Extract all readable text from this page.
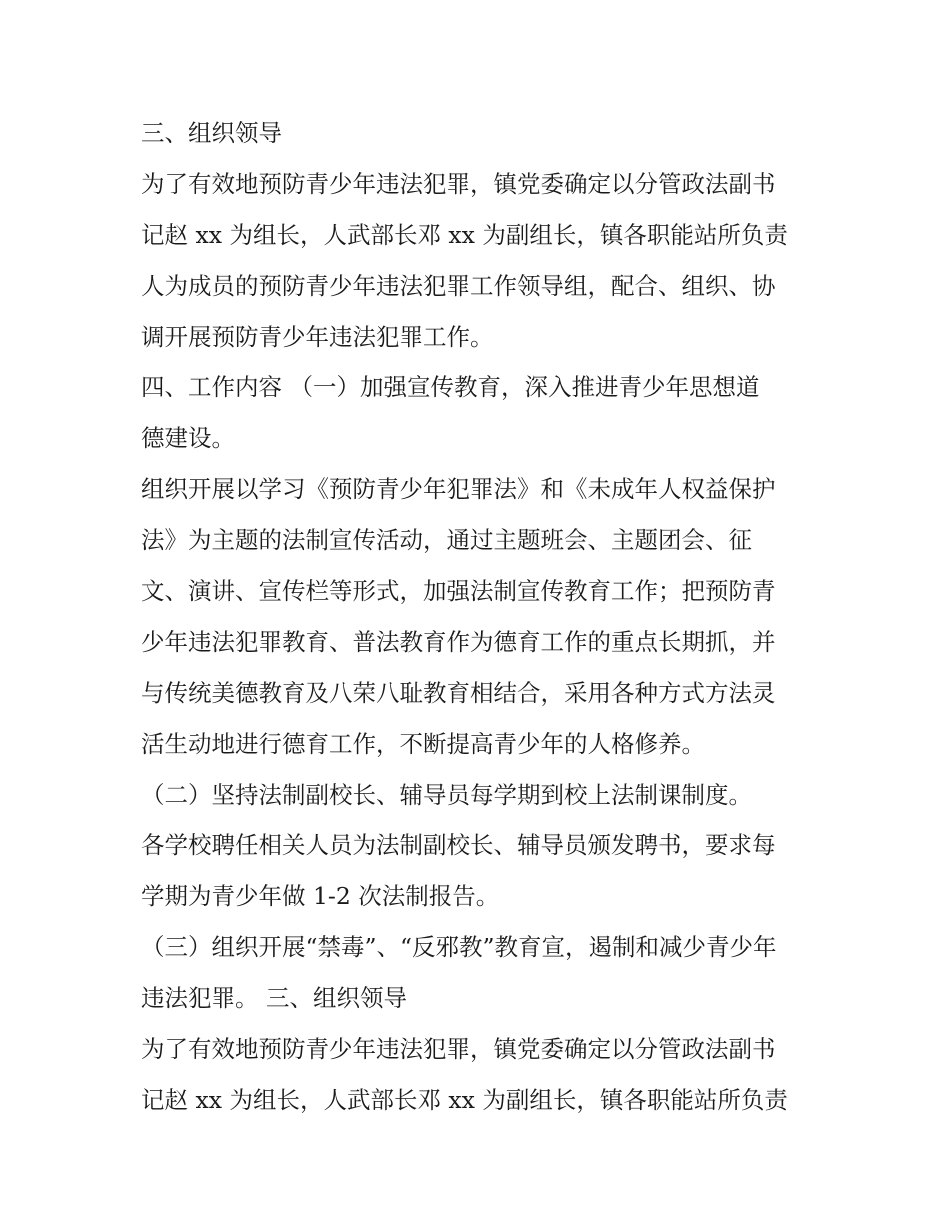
三、组织领导
为了有效地预防青少年违法犯罪，镇党委确定以分管政法副书
记赵 xx 为组长，人武部长邓 xx 为副组长，镇各职能站所负责
人为成员的预防青少年违法犯罪工作领导组，配合、组织、协
调开展预防青少年违法犯罪工作。
四、工作内容 （一）加强宣传教育，深入推进青少年思想道
德建设。
组织开展以学习《预防青少年犯罪法》和《未成年人权益保护
法》为主题的法制宣传活动，通过主题班会、主题团会、征
文、演讲、宣传栏等形式，加强法制宣传教育工作；把预防青
少年违法犯罪教育、普法教育作为德育工作的重点长期抓，并
与传统美德教育及八荣八耻教育相结合，采用各种方式方法灵
活生动地进行德育工作，不断提高青少年的人格修养。
（二）坚持法制副校长、辅导员每学期到校上法制课制度。
各学校聘任相关人员为法制副校长、辅导员颁发聘书，要求每
学期为青少年做 1-2 次法制报告。
（三）组织开展“禁毒”、“反邪教”教育宣，遏制和减少青少年
违法犯罪。 三、组织领导
为了有效地预防青少年违法犯罪，镇党委确定以分管政法副书
记赵 xx 为组长，人武部长邓 xx 为副组长，镇各职能站所负责
